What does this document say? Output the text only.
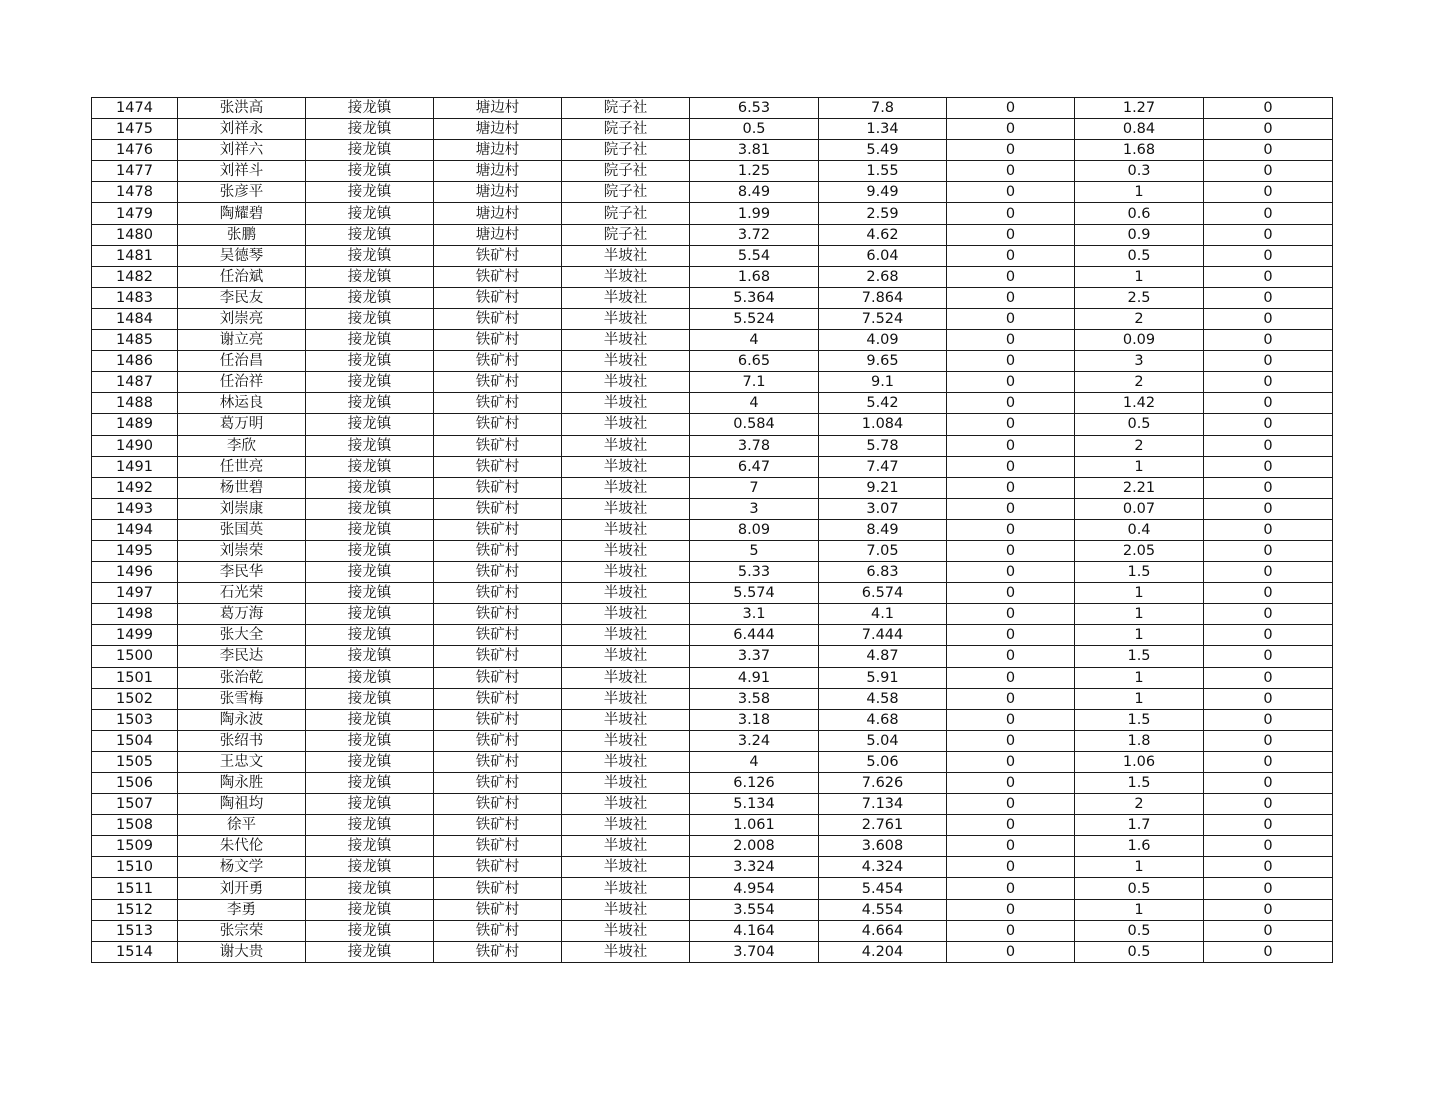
1474	张洪高	接龙镇	塘边村	院子社	6.53	7.8	0	1.27	0
1475	刘祥永	接龙镇	塘边村	院子社	0.5	1.34	0	0.84	0
1476	刘祥六	接龙镇	塘边村	院子社	3.81	5.49	0	1.68	0
1477	刘祥斗	接龙镇	塘边村	院子社	1.25	1.55	0	0.3	0
1478	张彦平	接龙镇	塘边村	院子社	8.49	9.49	0	1	0
1479	陶耀碧	接龙镇	塘边村	院子社	1.99	2.59	0	0.6	0
1480	张鹏	接龙镇	塘边村	院子社	3.72	4.62	0	0.9	0
1481	吴德琴	接龙镇	铁矿村	半坡社	5.54	6.04	0	0.5	0
1482	任治斌	接龙镇	铁矿村	半坡社	1.68	2.68	0	1	0
1483	李民友	接龙镇	铁矿村	半坡社	5.364	7.864	0	2.5	0
1484	刘崇亮	接龙镇	铁矿村	半坡社	5.524	7.524	0	2	0
1485	谢立亮	接龙镇	铁矿村	半坡社	4	4.09	0	0.09	0
1486	任治昌	接龙镇	铁矿村	半坡社	6.65	9.65	0	3	0
1487	任治祥	接龙镇	铁矿村	半坡社	7.1	9.1	0	2	0
1488	林运良	接龙镇	铁矿村	半坡社	4	5.42	0	1.42	0
1489	葛万明	接龙镇	铁矿村	半坡社	0.584	1.084	0	0.5	0
1490	李欣	接龙镇	铁矿村	半坡社	3.78	5.78	0	2	0
1491	任世亮	接龙镇	铁矿村	半坡社	6.47	7.47	0	1	0
1492	杨世碧	接龙镇	铁矿村	半坡社	7	9.21	0	2.21	0
1493	刘崇康	接龙镇	铁矿村	半坡社	3	3.07	0	0.07	0
1494	张国英	接龙镇	铁矿村	半坡社	8.09	8.49	0	0.4	0
1495	刘崇荣	接龙镇	铁矿村	半坡社	5	7.05	0	2.05	0
1496	李民华	接龙镇	铁矿村	半坡社	5.33	6.83	0	1.5	0
1497	石光荣	接龙镇	铁矿村	半坡社	5.574	6.574	0	1	0
1498	葛万海	接龙镇	铁矿村	半坡社	3.1	4.1	0	1	0
1499	张大全	接龙镇	铁矿村	半坡社	6.444	7.444	0	1	0
1500	李民达	接龙镇	铁矿村	半坡社	3.37	4.87	0	1.5	0
1501	张治乾	接龙镇	铁矿村	半坡社	4.91	5.91	0	1	0
1502	张雪梅	接龙镇	铁矿村	半坡社	3.58	4.58	0	1	0
1503	陶永波	接龙镇	铁矿村	半坡社	3.18	4.68	0	1.5	0
1504	张绍书	接龙镇	铁矿村	半坡社	3.24	5.04	0	1.8	0
1505	王忠文	接龙镇	铁矿村	半坡社	4	5.06	0	1.06	0
1506	陶永胜	接龙镇	铁矿村	半坡社	6.126	7.626	0	1.5	0
1507	陶祖均	接龙镇	铁矿村	半坡社	5.134	7.134	0	2	0
1508	徐平	接龙镇	铁矿村	半坡社	1.061	2.761	0	1.7	0
1509	朱代伦	接龙镇	铁矿村	半坡社	2.008	3.608	0	1.6	0
1510	杨文学	接龙镇	铁矿村	半坡社	3.324	4.324	0	1	0
1511	刘开勇	接龙镇	铁矿村	半坡社	4.954	5.454	0	0.5	0
1512	李勇	接龙镇	铁矿村	半坡社	3.554	4.554	0	1	0
1513	张宗荣	接龙镇	铁矿村	半坡社	4.164	4.664	0	0.5	0
1514	谢大贵	接龙镇	铁矿村	半坡社	3.704	4.204	0	0.5	0
